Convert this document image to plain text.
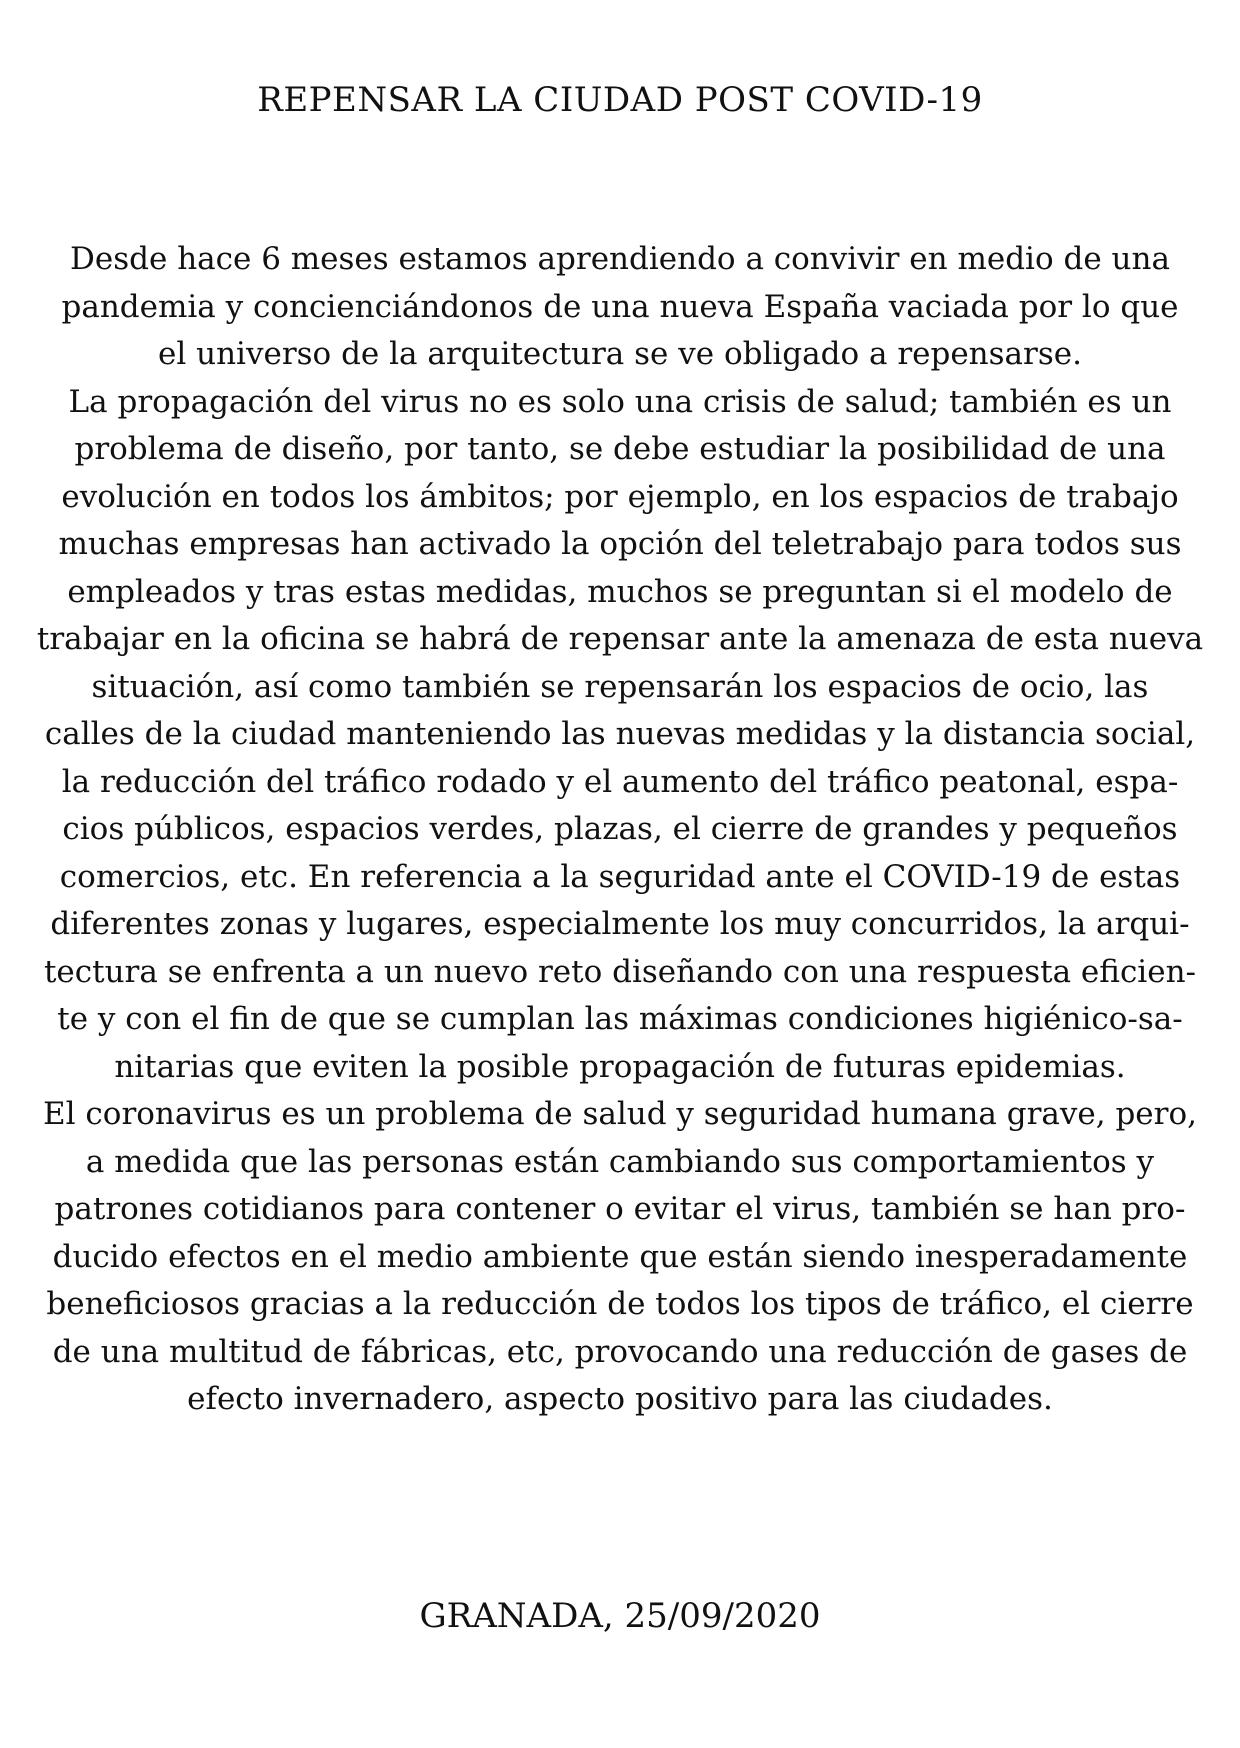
REPENSAR LA CIUDAD POST COVID-19
Desde hace 6 meses estamos aprendiendo a convivir en medio de una
pandemia y concienciándonos de una nueva España vaciada por lo que
el universo de la arquitectura se ve obligado a repensarse.
La propagación del virus no es solo una crisis de salud; también es un
problema de diseño, por tanto, se debe estudiar la posibilidad de una
evolución en todos los ámbitos; por ejemplo, en los espacios de trabajo
muchas empresas han activado la opción del teletrabajo para todos sus
empleados y tras estas medidas, muchos se preguntan si el modelo de
trabajar en la oficina se habrá de repensar ante la amenaza de esta nueva
situación, así como también se repensarán los espacios de ocio, las
calles de la ciudad manteniendo las nuevas medidas y la distancia social,
la reducción del tráfico rodado y el aumento del tráfico peatonal, espa-
cios públicos, espacios verdes, plazas, el cierre de grandes y pequeños
comercios, etc. En referencia a la seguridad ante el COVID-19 de estas
diferentes zonas y lugares, especialmente los muy concurridos, la arqui-
tectura se enfrenta a un nuevo reto diseñando con una respuesta eficien-
te y con el fin de que se cumplan las máximas condiciones higiénico-sa-
nitarias que eviten la posible propagación de futuras epidemias.
El coronavirus es un problema de salud y seguridad humana grave, pero,
a medida que las personas están cambiando sus comportamientos y
patrones cotidianos para contener o evitar el virus, también se han pro-
ducido efectos en el medio ambiente que están siendo inesperadamente
beneficiosos gracias a la reducción de todos los tipos de tráfico, el cierre
de una multitud de fábricas, etc, provocando una reducción de gases de
efecto invernadero, aspecto positivo para las ciudades.
GRANADA, 25/09/2020
